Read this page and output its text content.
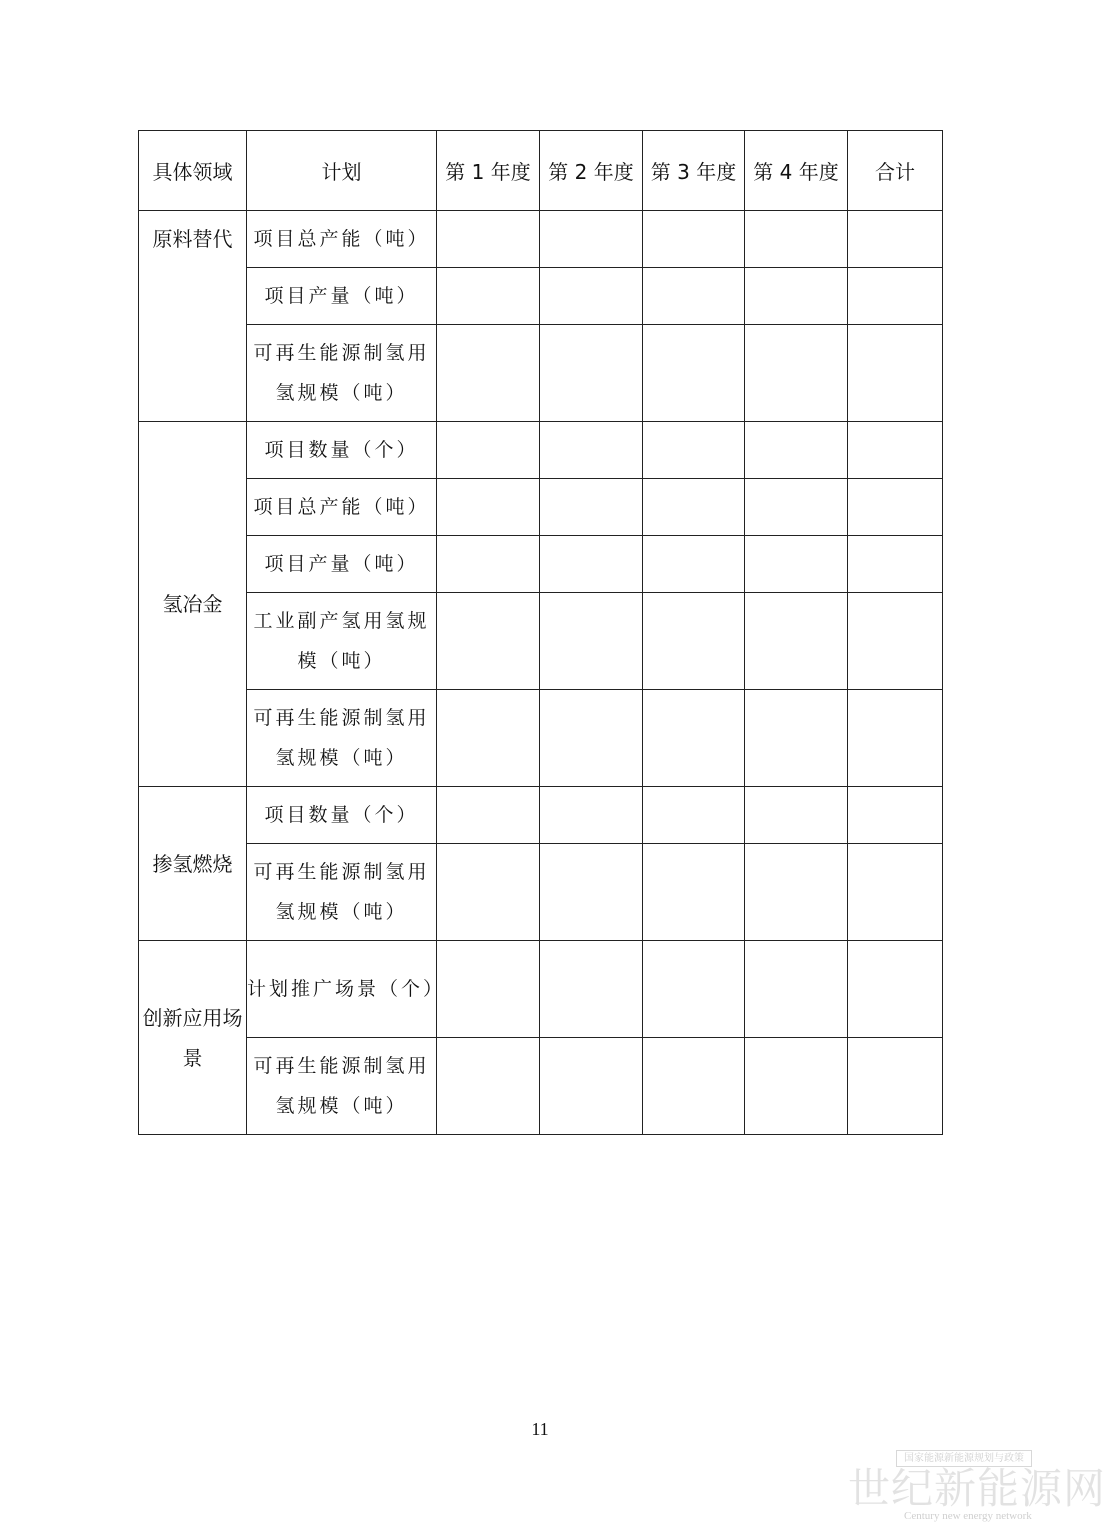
具体领域	计划	第 1 年度	第 2 年度	第 3 年度	第 4 年度	合计
原料替代	项目总产能（吨）					
	项目产量（吨）					
	可再生能源制氢用氢规模（吨）					
氢冶金	项目数量（个）					
	项目总产能（吨）					
	项目产量（吨）					
	工业副产氢用氢规模（吨）					
	可再生能源制氢用氢规模（吨）					
掺氢燃烧	项目数量（个）					
	可再生能源制氢用氢规模（吨）					
创新应用场景	计划推广场景（个）					
	可再生能源制氢用氢规模（吨）					
11
国家能源新能源规划与政策
世纪新能源网
Century new energy network
